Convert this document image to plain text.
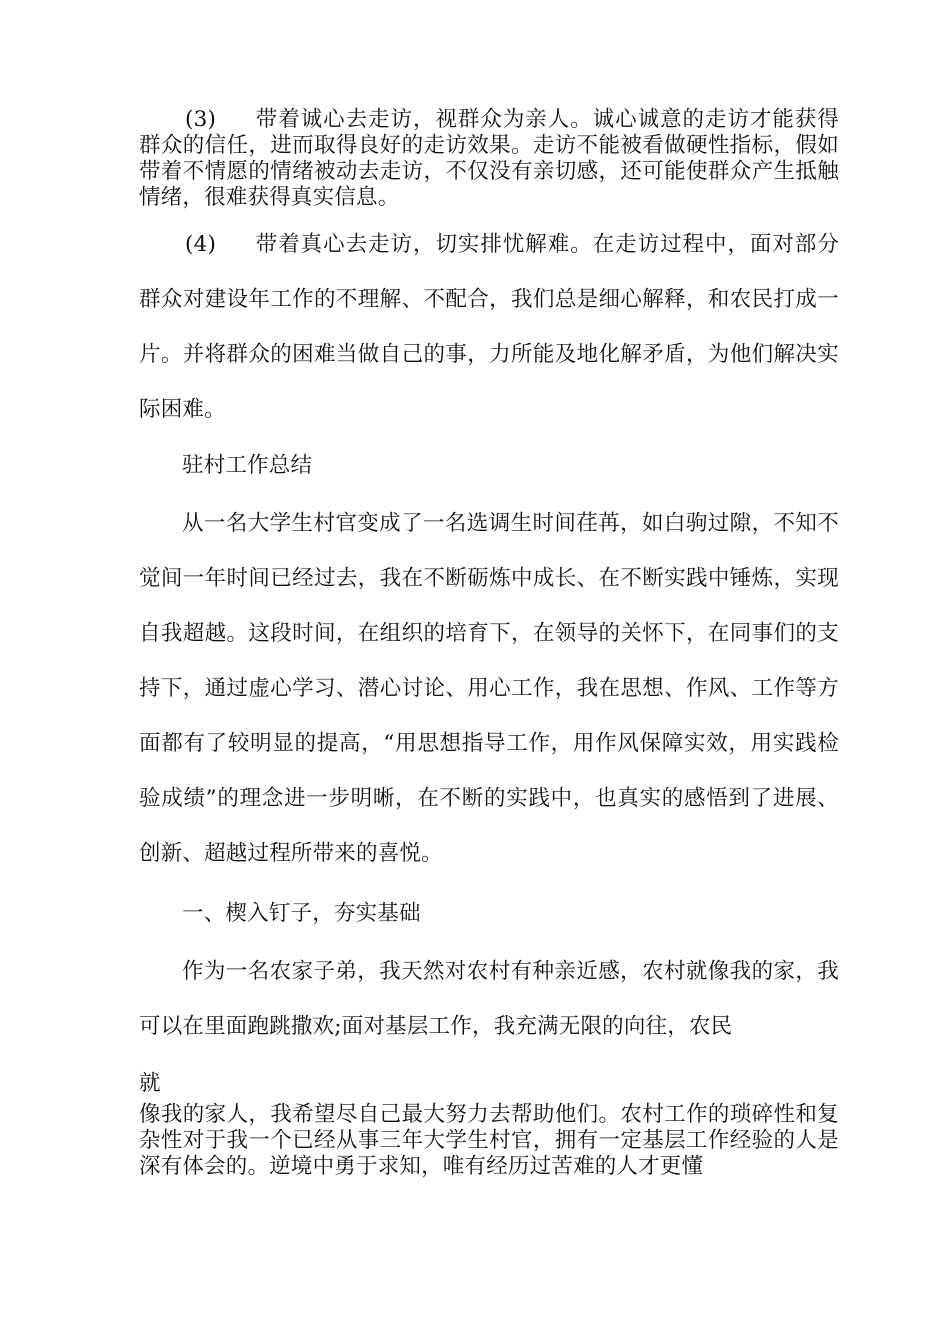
(3) 带着诚心去走访，视群众为亲人。诚心诚意的走访才能获得群众的信任，进而取得良好的走访效果。走访不能被看做硬性指标，假如带着不情愿的情绪被动去走访，不仅没有亲切感，还可能使群众产生抵触情绪，很难获得真实信息。
(4) 带着真心去走访，切实排忧解难。在走访过程中，面对部分群众对建设年工作的不理解、不配合，我们总是细心解释，和农民打成一片。并将群众的困难当做自己的事，力所能及地化解矛盾，为他们解决实际困难。
驻村工作总结
从一名大学生村官变成了一名选调生时间荏苒，如白驹过隙，不知不觉间一年时间已经过去，我在不断砺炼中成长、在不断实践中锤炼，实现自我超越。这段时间，在组织的培育下，在领导的关怀下，在同事们的支持下，通过虚心学习、潜心讨论、用心工作，我在思想、作风、工作等方面都有了较明显的提高，“用思想指导工作，用作风保障实效，用实践检验成绩”的理念进一步明晰，在不断的实践中，也真实的感悟到了进展、创新、超越过程所带来的喜悦。
一、楔入钉子，夯实基础
作为一名农家子弟，我天然对农村有种亲近感，农村就像我的家，我可以在里面跑跳撒欢;面对基层工作，我充满无限的向往，农民
就
像我的家人，我希望尽自己最大努力去帮助他们。农村工作的琐碎性和复杂性对于我一个已经从事三年大学生村官，拥有一定基层工作经验的人是深有体会的。逆境中勇于求知，唯有经历过苦难的人才更懂
